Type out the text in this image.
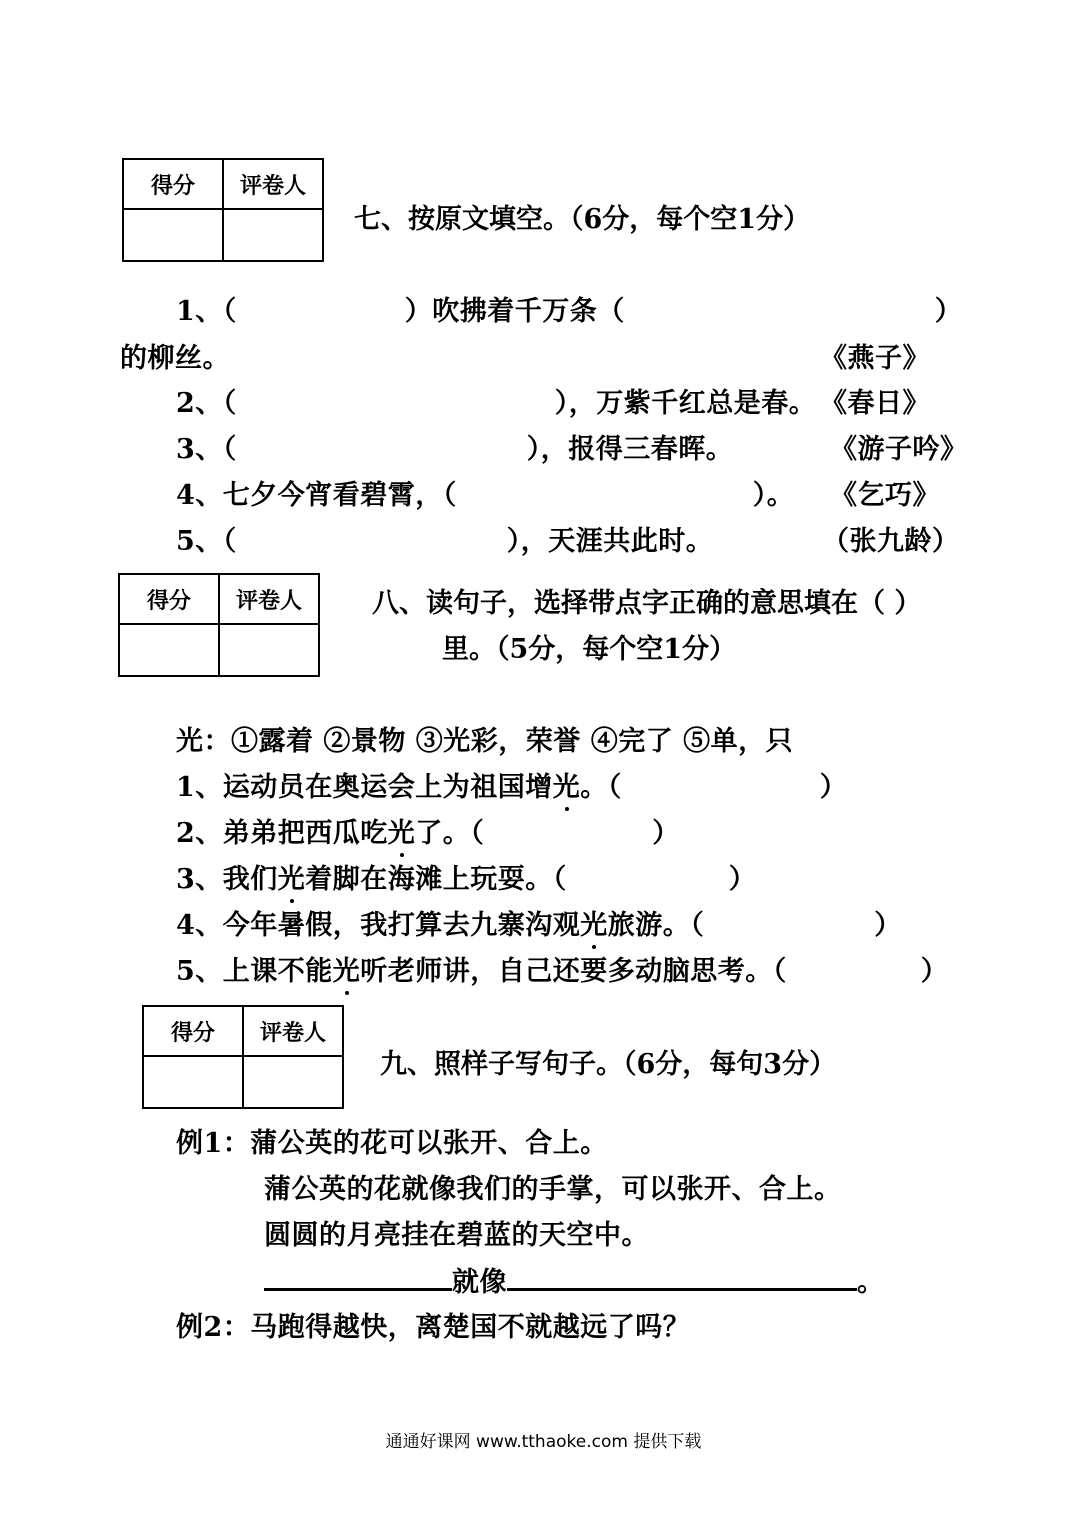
得分	评卷人

七、按原文填空。（6分，每个空1分）
1、（	）吹拂着千万条（	）
的柳丝。	《燕子》
2、（	），万紫千红总是春。 《春日》
3、（	），报得三春晖。	《游子吟》
4、七夕今宵看碧霄，（	）。 《乞巧》
5、（	），天涯共此时。	（张九龄）
得分	评卷人
		八、读句子，选择带点字正确的意思填在（ ）
里。（5分，每个空1分）
光：①露着 ②景物 ③光彩，荣誉 ④完了 ⑤单，只
1、运动员在奥运会上为祖国增光。（	）
2、弟弟把西瓜吃光了。（	）
3、我们光着脚在海滩上玩耍。（	）
4、今年暑假，我打算去九寨沟观光旅游。（	）
5、上课不能光听老师讲，自己还要多动脑思考。（	）
得分	评卷人

九、照样子写句子。（6分，每句3分）
例1：蒲公英的花可以张开、合上。
蒲公英的花就像我们的手掌，可以张开、合上。
圆圆的月亮挂在碧蓝的天空中。
就像	。
例2：马跑得越快，离楚国不就越远了吗？
通通好课网 www.tthaoke.com 提供下载
